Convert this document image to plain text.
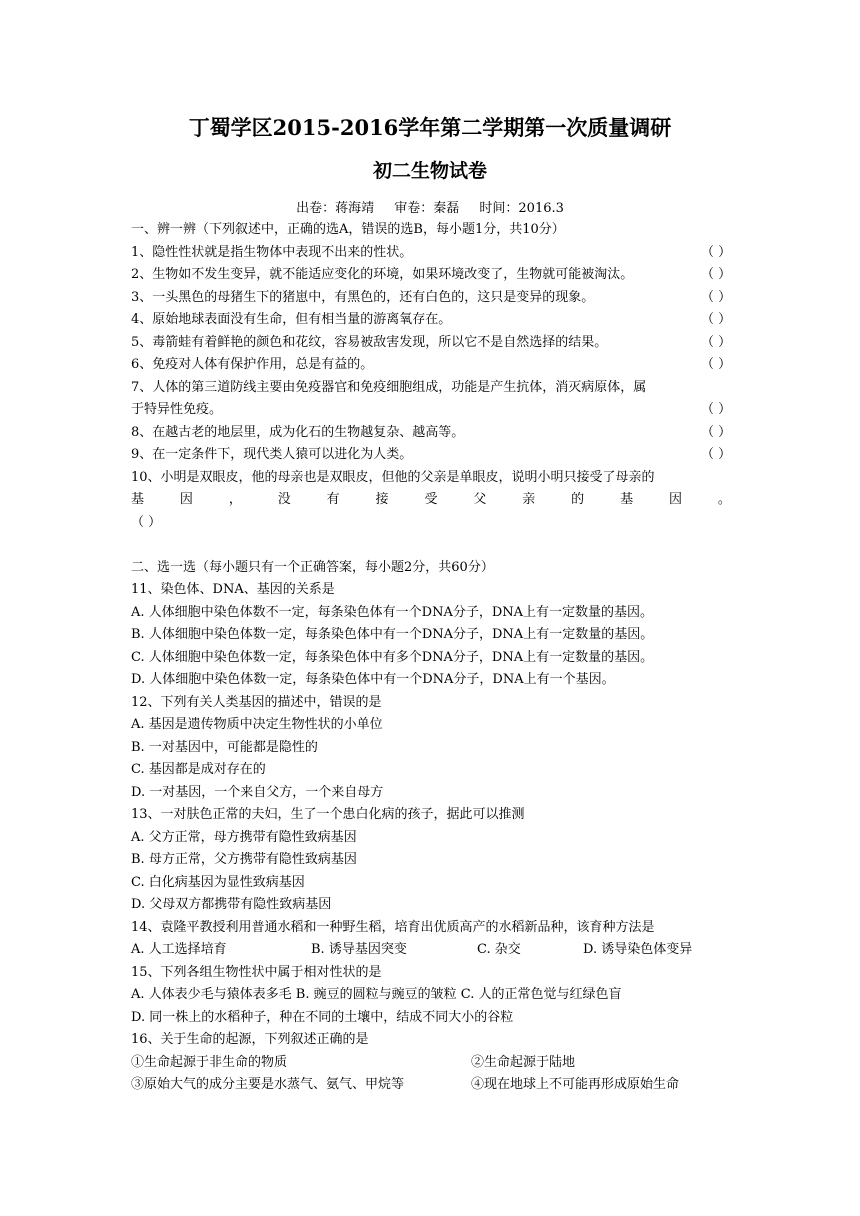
丁蜀学区2015-2016学年第二学期第一次质量调研
初二生物试卷
出卷：蒋海靖 审卷：秦磊 时间：2016.3
一、辨一辨（下列叙述中，正确的选A，错误的选B，每小题1分，共10分）
1、隐性性状就是指生物体中表现不出来的性状。	（ ）
2、生物如不发生变异，就不能适应变化的环境，如果环境改变了，生物就可能被淘汰。	（ ）
3、一头黑色的母猪生下的猪崽中，有黑色的，还有白色的，这只是变异的现象。	（ ）
4、原始地球表面没有生命，但有相当量的游离氧存在。	（ ）
5、毒箭蛙有着鲜艳的颜色和花纹，容易被敌害发现，所以它不是自然选择的结果。	（ ）
6、免疫对人体有保护作用，总是有益的。	（ ）
7、人体的第三道防线主要由免疫器官和免疫细胞组成，功能是产生抗体，消灭病原体，属
于特异性免疫。	（ ）
8、在越古老的地层里，成为化石的生物越复杂、越高等。	（ ）
9、在一定条件下，现代类人猿可以进化为人类。	（ ）
10、小明是双眼皮，他的母亲也是双眼皮，但他的父亲是单眼皮，说明小明只接受了母亲的
基	因	，	没	有	接	受	父	亲	的	基	因	。
（ ）
二、选一选（每小题只有一个正确答案，每小题2分，共60分）
11、染色体、DNA、基因的关系是
A. 人体细胞中染色体数不一定，每条染色体有一个DNA分子，DNA上有一定数量的基因。
B. 人体细胞中染色体数一定，每条染色体中有一个DNA分子，DNA上有一定数量的基因。
C. 人体细胞中染色体数一定，每条染色体中有多个DNA分子，DNA上有一定数量的基因。
D. 人体细胞中染色体数一定，每条染色体中有一个DNA分子，DNA上有一个基因。
12、下列有关人类基因的描述中，错误的是
A. 基因是遗传物质中决定生物性状的小单位
B. 一对基因中，可能都是隐性的
C. 基因都是成对存在的
D. 一对基因，一个来自父方，一个来自母方
13、一对肤色正常的夫妇，生了一个患白化病的孩子，据此可以推测
A. 父方正常，母方携带有隐性致病基因
B. 母方正常，父方携带有隐性致病基因
C. 白化病基因为显性致病基因
D. 父母双方都携带有隐性致病基因
14、袁隆平教授利用普通水稻和一种野生稻，培育出优质高产的水稻新品种，该育种方法是
A. 人工选择培育	B. 诱导基因突变	C. 杂交	D. 诱导染色体变异
15、下列各组生物性状中属于相对性状的是
A. 人体表少毛与猿体表多毛 B. 豌豆的圆粒与豌豆的皱粒 C. 人的正常色觉与红绿色盲
D. 同一株上的水稻种子，种在不同的土壤中，结成不同大小的谷粒
16、关于生命的起源，下列叙述正确的是
①生命起源于非生命的物质	②生命起源于陆地
③原始大气的成分主要是水蒸气、氨气、甲烷等	④现在地球上不可能再形成原始生命
